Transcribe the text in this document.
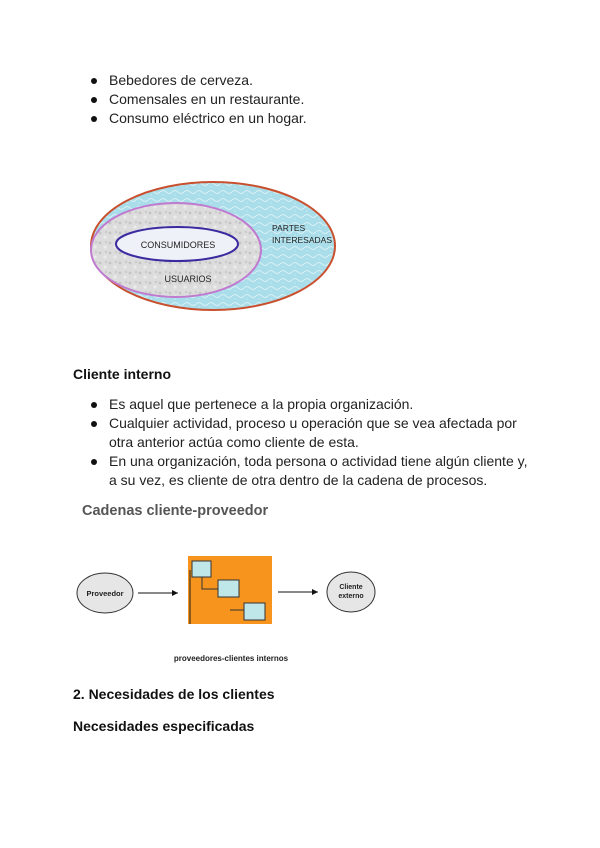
Bebedores de cerveza.
Comensales en un restaurante.
Consumo eléctrico en un hogar.
CONSUMIDORES
USUARIOS
PARTES
INTERESADAS
Cliente interno
Es aquel que pertenece a la propia organización.
Cualquier actividad, proceso u operación que se vea afectada por otra anterior actúa como cliente de esta.
En una organización, toda persona o actividad tiene algún cliente y, a su vez, es cliente de otra dentro de la cadena de procesos.
Cadenas cliente-proveedor
Proveedor
Cliente
externo
proveedores-clientes internos
2. Necesidades de los clientes
Necesidades especificadas
